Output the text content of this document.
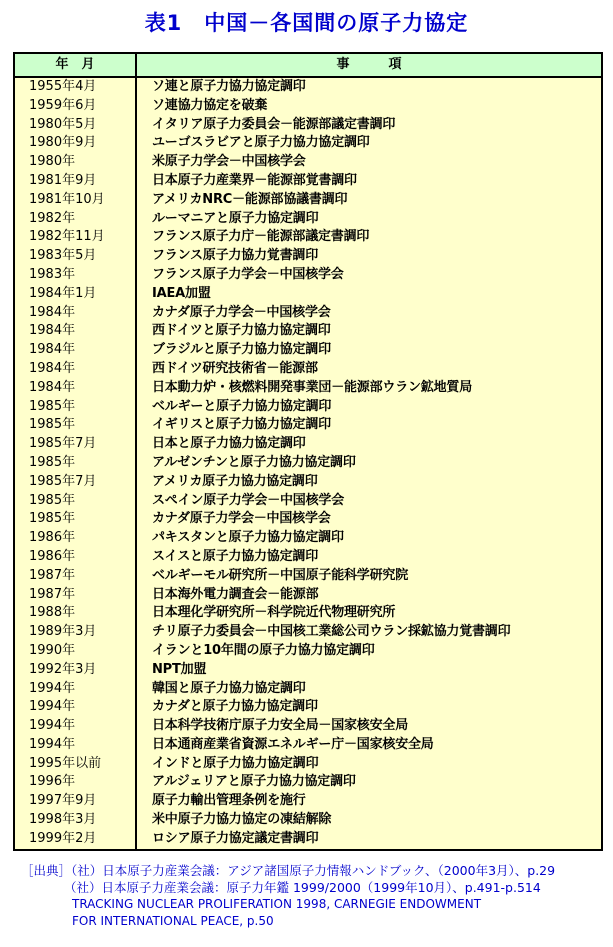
表1　中国－各国間の原子力協定
年　月	事　　　項
1955年4月	ソ連と原子力協力協定調印
1959年6月	ソ連協力協定を破棄
1980年5月	イタリア原子力委員会－能源部議定書調印
1980年9月	ユーゴスラビアと原子力協力協定調印
1980年	米原子力学会－中国核学会
1981年9月	日本原子力産業界－能源部覚書調印
1981年10月	アメリカNRC－能源部協議書調印
1982年	ルーマニアと原子力協定調印
1982年11月	フランス原子力庁－能源部議定書調印
1983年5月	フランス原子力協力覚書調印
1983年	フランス原子力学会－中国核学会
1984年1月	IAEA加盟
1984年	カナダ原子力学会－中国核学会
1984年	西ドイツと原子力協力協定調印
1984年	ブラジルと原子力協力協定調印
1984年	西ドイツ研究技術省－能源部
1984年	日本動力炉・核燃料開発事業団－能源部ウラン鉱地質局
1985年	ベルギーと原子力協力協定調印
1985年	イギリスと原子力協力協定調印
1985年7月	日本と原子力協力協定調印
1985年	アルゼンチンと原子力協力協定調印
1985年7月	アメリカ原子力協力協定調印
1985年	スペイン原子力学会－中国核学会
1985年	カナダ原子力学会－中国核学会
1986年	パキスタンと原子力協力協定調印
1986年	スイスと原子力協力協定調印
1987年	ベルギーモル研究所－中国原子能科学研究院
1987年	日本海外電力調査会－能源部
1988年	日本理化学研究所－科学院近代物理研究所
1989年3月	チリ原子力委員会－中国核工業総公司ウラン採鉱協力覚書調印
1990年	イランと10年間の原子力協力協定調印
1992年3月	NPT加盟
1994年	韓国と原子力協力協定調印
1994年	カナダと原子力協力協定調印
1994年	日本科学技術庁原子力安全局－国家核安全局
1994年	日本通商産業省資源エネルギー庁－国家核安全局
1995年以前	インドと原子力協力協定調印
1996年	アルジェリアと原子力協力協定調印
1997年9月	原子力輸出管理条例を施行
1998年3月	米中原子力協力協定の凍結解除
1999年2月	ロシア原子力協定議定書調印
［出典］（社）日本原子力産業会議：アジア諸国原子力情報ハンドブック、（2000年3月）、p.29
（社）日本原子力産業会議：原子力年鑑 1999/2000（1999年10月）、p.491-p.514
TRACKING NUCLEAR PROLIFERATION 1998, CARNEGIE ENDOWMENT
FOR INTERNATIONAL PEACE, p.50
